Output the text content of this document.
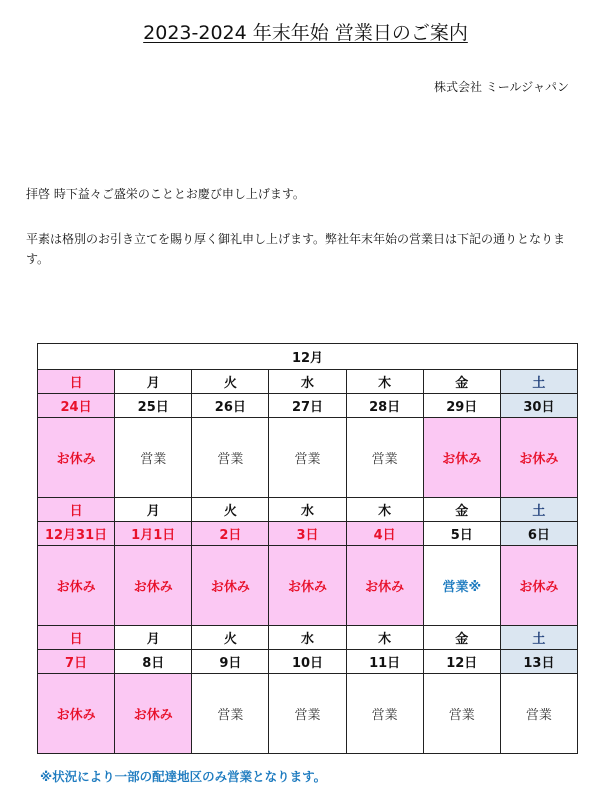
2023-2024 年末年始 営業日のご案内
株式会社 ミールジャパン
拝啓 時下益々ご盛栄のこととお慶び申し上げます。
平素は格別のお引き立てを賜り厚く御礼申し上げます。弊社年末年始の営業日は下記の通りとなります。
12月						
日	月	火	水	木	金	土
24日	25日	26日	27日	28日	29日	30日
お休み	営業	営業	営業	営業	お休み	お休み
日	月	火	水	木	金	土
12月31日	1月1日	2日	3日	4日	5日	6日
お休み	お休み	お休み	お休み	お休み	営業※	お休み
日	月	火	水	木	金	土
7日	8日	9日	10日	11日	12日	13日
お休み	お休み	営業	営業	営業	営業	営業
※状況により一部の配達地区のみ営業となります。
